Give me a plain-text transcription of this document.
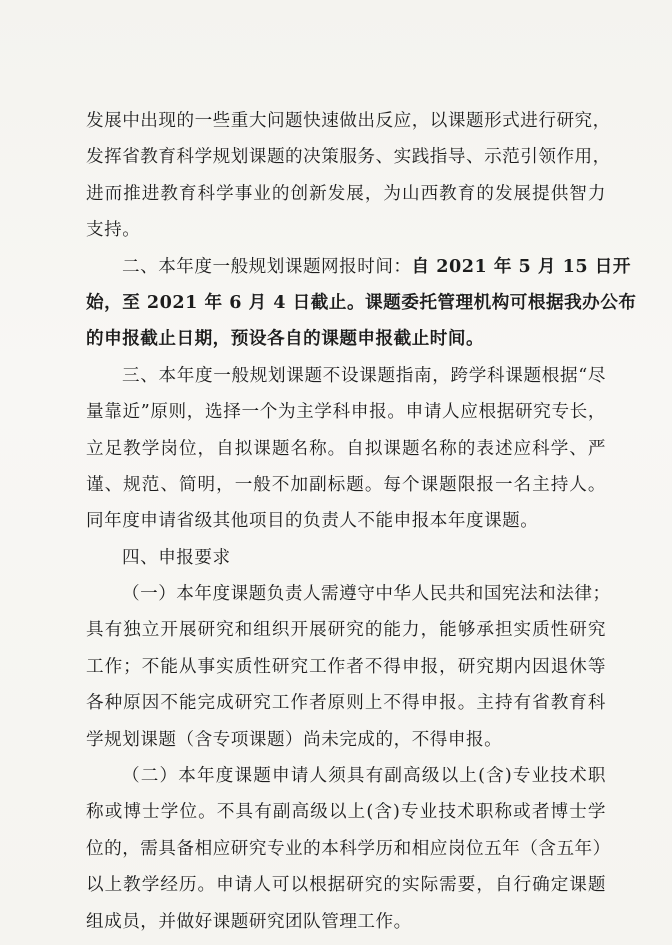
发展中出现的一些重大问题快速做出反应，以课题形式进行研究，
发挥省教育科学规划课题的决策服务、实践指导、示范引领作用，
进而推进教育科学事业的创新发展，为山西教育的发展提供智力
支持。
二、本年度一般规划课题网报时间：自 2021 年 5 月 15 日开
始，至 2021 年 6 月 4 日截止。课题委托管理机构可根据我办公布
的申报截止日期，预设各自的课题申报截止时间。
三、本年度一般规划课题不设课题指南，跨学科课题根据“尽
量靠近”原则，选择一个为主学科申报。申请人应根据研究专长，
立足教学岗位，自拟课题名称。自拟课题名称的表述应科学、严
谨、规范、简明，一般不加副标题。每个课题限报一名主持人。
同年度申请省级其他项目的负责人不能申报本年度课题。
四、申报要求
（一）本年度课题负责人需遵守中华人民共和国宪法和法律；
具有独立开展研究和组织开展研究的能力，能够承担实质性研究
工作；不能从事实质性研究工作者不得申报，研究期内因退休等
各种原因不能完成研究工作者原则上不得申报。主持有省教育科
学规划课题（含专项课题）尚未完成的，不得申报。
（二）本年度课题申请人须具有副高级以上(含)专业技术职
称或博士学位。不具有副高级以上(含)专业技术职称或者博士学
位的，需具备相应研究专业的本科学历和相应岗位五年（含五年）
以上教学经历。申请人可以根据研究的实际需要，自行确定课题
组成员，并做好课题研究团队管理工作。
